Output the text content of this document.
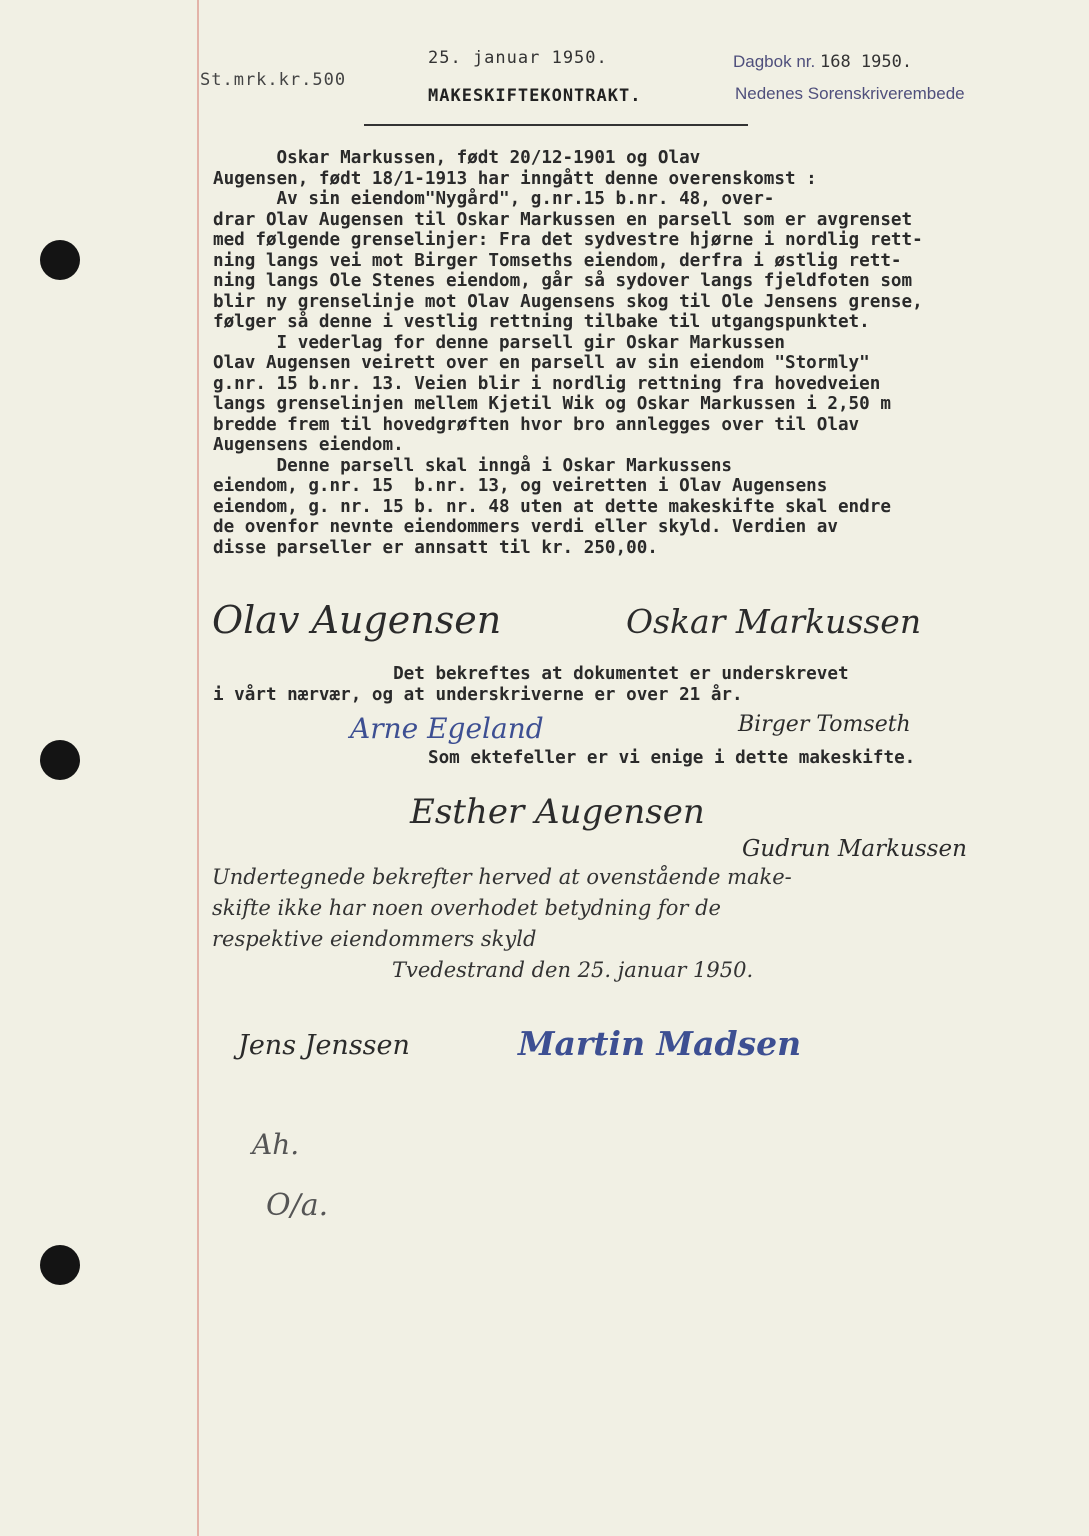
St.mrk.kr.500
25. januar 1950.
MAKESKIFTEKONTRAKT.
Dagbok nr. 168 1950.
Nedenes Sorenskriverembede
Oskar Markussen, født 20/12-1901 og Olav
Augensen, født 18/1-1913 har inngått denne overenskomst :
Av sin eiendom"Nygård", g.nr.15 b.nr. 48, over-
drar Olav Augensen til Oskar Markussen en parsell som er avgrenset
med følgende grenselinjer: Fra det sydvestre hjørne i nordlig rett-
ning langs vei mot Birger Tomseths eiendom, derfra i østlig rett-
ning langs Ole Stenes eiendom, går så sydover langs fjeldfoten som
blir ny grenselinje mot Olav Augensens skog til Ole Jensens grense,
følger så denne i vestlig rettning tilbake til utgangspunktet.
I vederlag for denne parsell gir Oskar Markussen
Olav Augensen veirett over en parsell av sin eiendom "Stormly"
g.nr. 15 b.nr. 13. Veien blir i nordlig rettning fra hovedveien
langs grenselinjen mellem Kjetil Wik og Oskar Markussen i 2,50 m
bredde frem til hovedgrøften hvor bro annlegges over til Olav
Augensens eiendom.
Denne parsell skal inngå i Oskar Markussens
eiendom, g.nr. 15  b.nr. 13, og veiretten i Olav Augensens
eiendom, g. nr. 15 b. nr. 48 uten at dette makeskifte skal endre
de ovenfor nevnte eiendommers verdi eller skyld. Verdien av
disse parseller er annsatt til kr. 250,00.
Olav Augensen	Oskar Markussen
Det bekreftes at dokumentet er underskrevet
i vårt nærvær, og at underskriverne er over 21 år.
Arne Egeland	Birger Tomseth
Som ektefeller er vi enige i dette makeskifte.
Esther Augensen
Gudrun Markussen
Undertegnede bekrefter herved at ovenstående make-
skifte ikke har noen overhodet betydning for de
respektive eiendommers skyld
Tvedestrand den 25. januar 1950.
Jens Jenssen	Martin Madsen
Ah.
O/a.
